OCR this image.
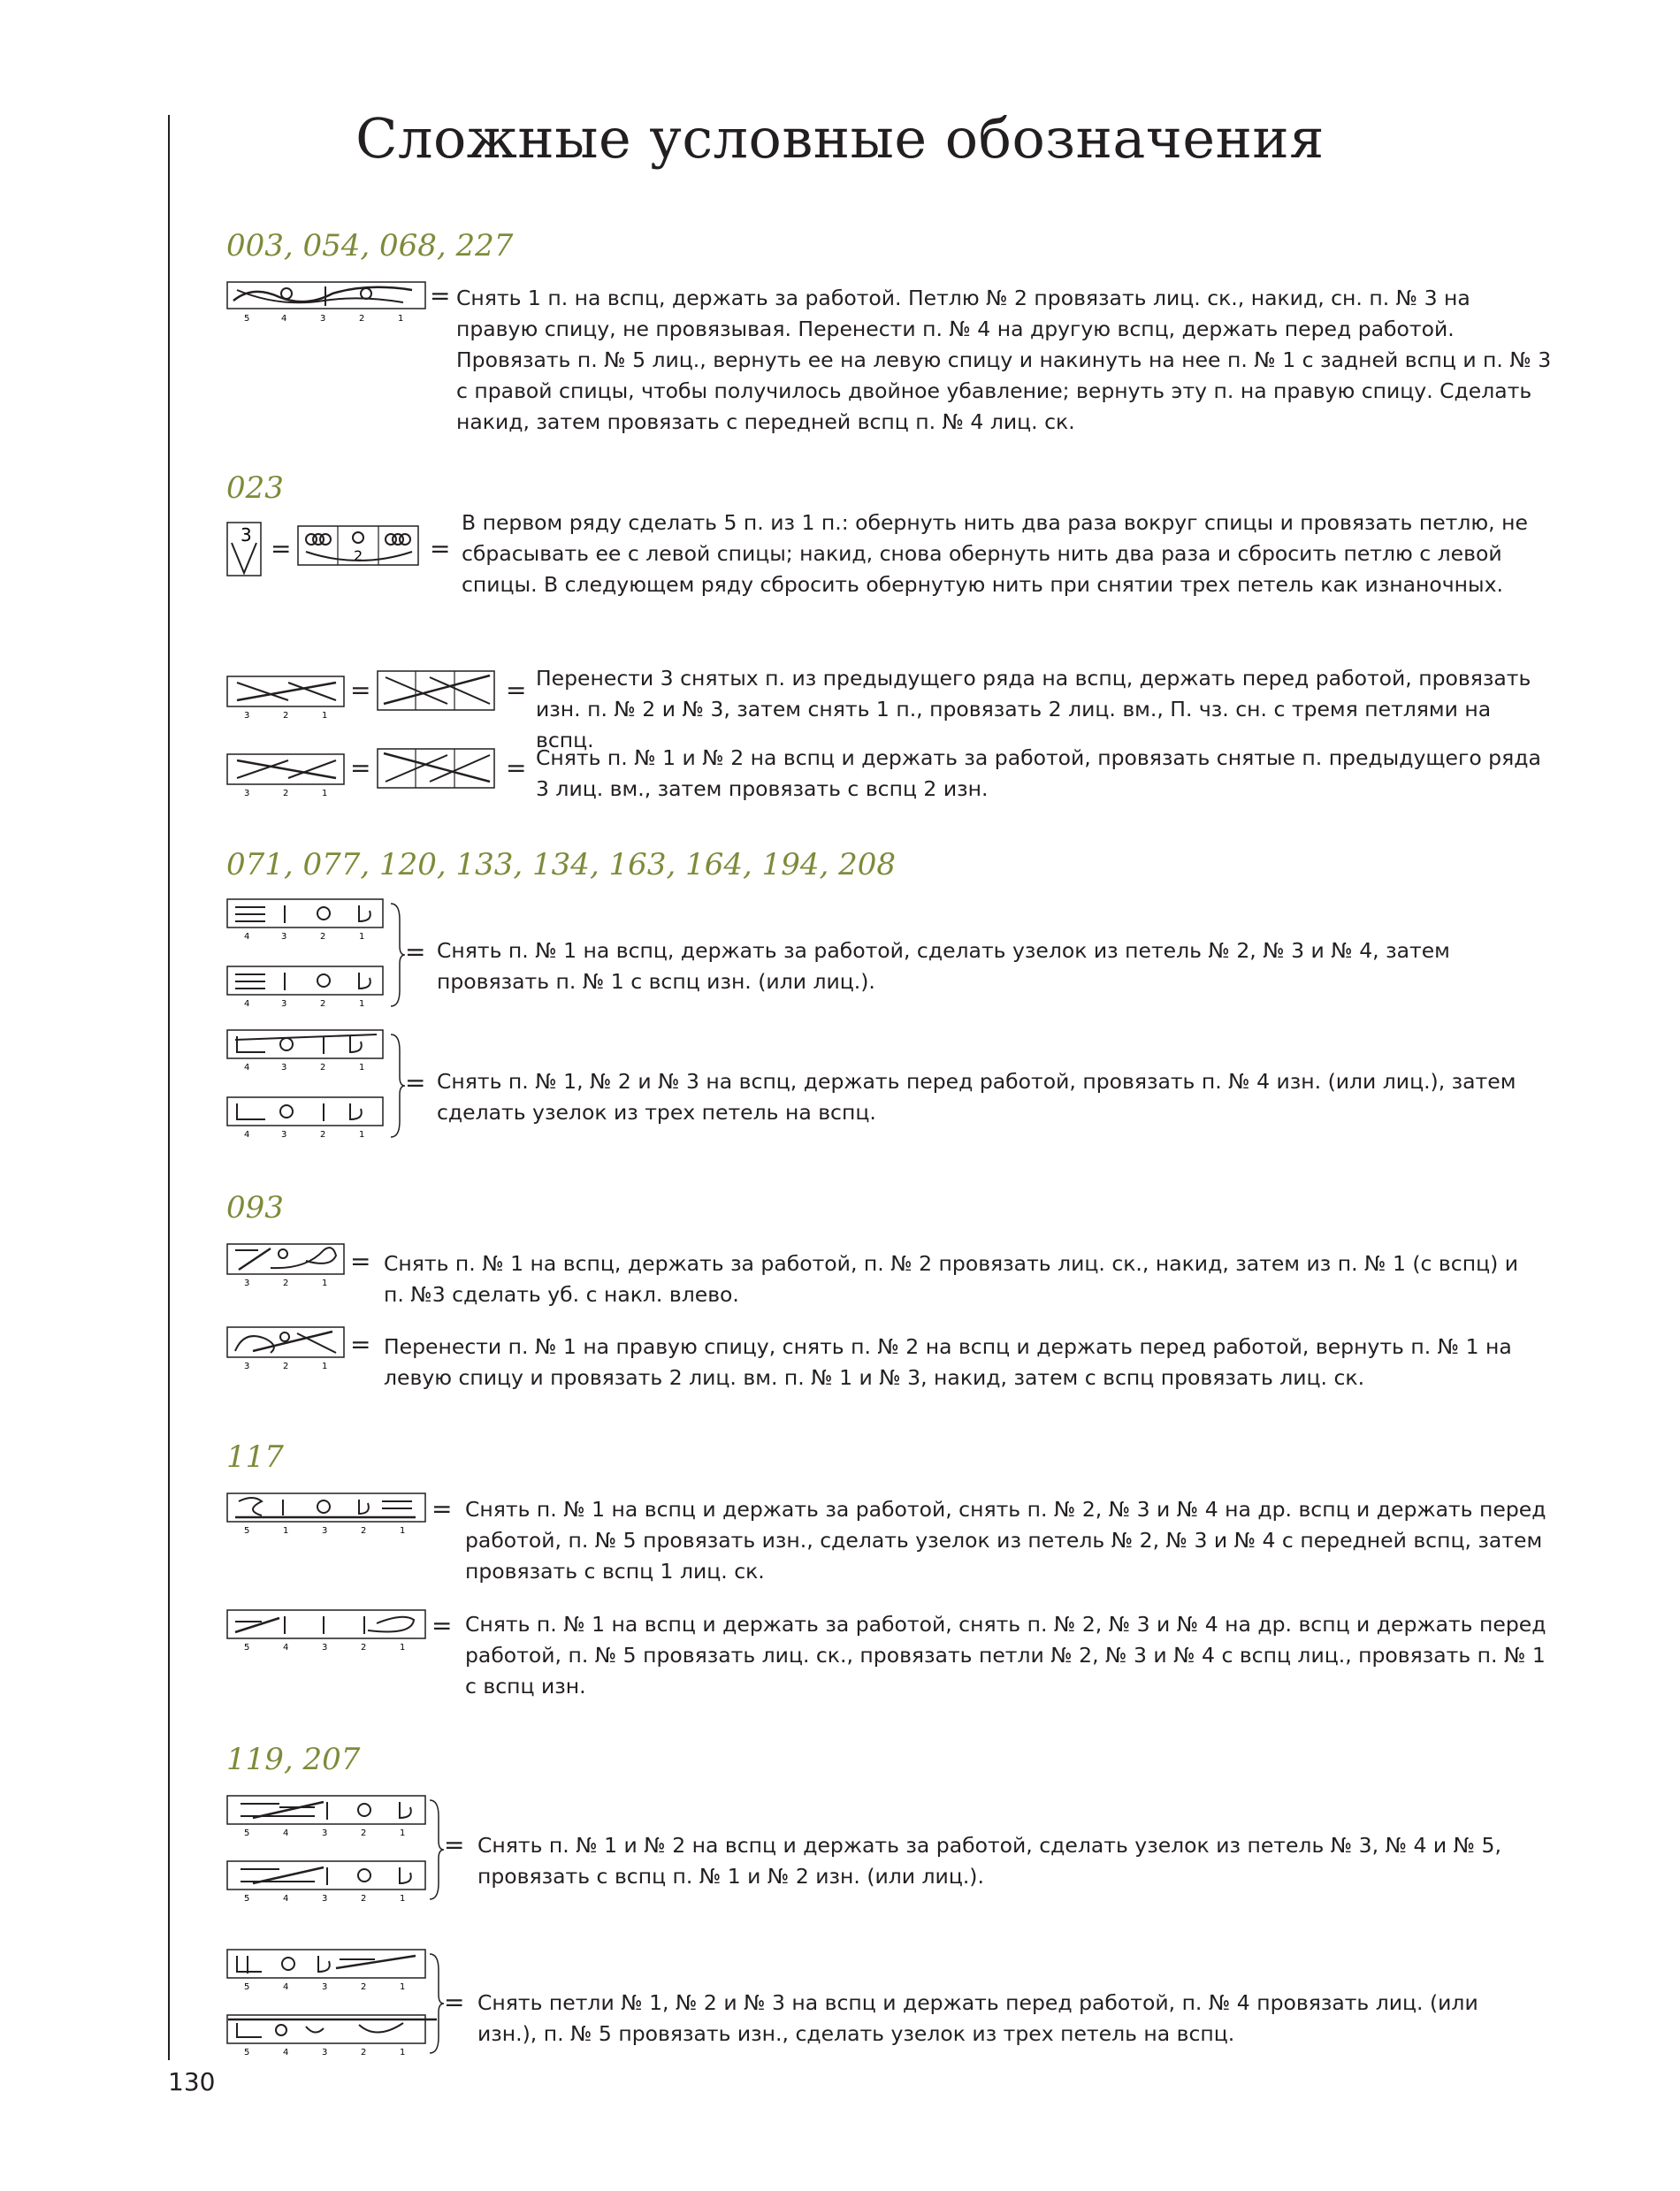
Сложные условные обозначения
003, 054, 068, 227
5	4	3	2	1
= Снять 1 п. на вспц, держать за работой. Петлю № 2 провязать лиц. ск., накид, сн. п. № 3 на правую спицу, не провязывая. Перенести п. № 4 на другую вспц, держать перед работой. Провязать п. № 5 лиц., вернуть ее на левую спицу и накинуть на нее п. № 1 с задней вспц и п. № 3 с правой спицы, чтобы получилось двойное убавление; вернуть эту п. на правую спицу. Сделать накид, затем провязать с передней вспц п. № 4 лиц. ск.
023
3 =	2	=
В первом ряду сделать 5 п. из 1 п.: обернуть нить два раза вокруг спицы и провязать петлю, не сбрасывать ее с левой спицы; накид, снова обернуть нить два раза и сбросить петлю с левой спицы. В следующем ряду сбросить обернутую нить при снятии трех петель как изнаночных.
3	2	1
=	= Перенести 3 снятых п. из предыдущего ряда на вспц, держать перед работой, провязать изн. п. № 2 и № 3, затем снять 1 п., провязать 2 лиц. вм., П. чз. сн. с тремя петлями на вспц.
3	2	1
=	= Снять п. № 1 и № 2 на вспц и держать за работой, провязать снятые п. предыдущего ряда 3 лиц. вм., затем провязать с вспц 2 изн.
071, 077, 120, 133, 134, 163, 164, 194, 208
4	3	2	1
4	3	2	1
= Снять п. № 1 на вспц, держать за работой, сделать узелок из петель № 2, № 3 и № 4, затем провязать п. № 1 с вспц изн. (или лиц.).
4	3	2	1
4	3	2	1
= Снять п. № 1, № 2 и № 3 на вспц, держать перед работой, провязать п. № 4 изн. (или лиц.), затем сделать узелок из трех петель на вспц.
093
3	2	1
= Снять п. № 1 на вспц, держать за работой, п. № 2 провязать лиц. ск., накид, затем из п. № 1 (с вспц) и п. №3 сделать уб. с накл. влево.
3	2	1
= Перенести п. № 1 на правую спицу, снять п. № 2 на вспц и держать перед работой, вернуть п. № 1 на левую спицу и провязать 2 лиц. вм. п. № 1 и № 3, накид, затем с вспц провязать лиц. ск.
117
5	1	3	2	1
= Снять п. № 1 на вспц и держать за работой, снять п. № 2, № 3 и № 4 на др. вспц и держать перед работой, п. № 5 провязать изн., сделать узелок из петель № 2, № 3 и № 4 с передней вспц, затем провязать с вспц 1 лиц. ск.
5	4	3	2	1
= Снять п. № 1 на вспц и держать за работой, снять п. № 2, № 3 и № 4 на др. вспц и держать перед работой, п. № 5 провязать лиц. ск., провязать петли № 2, № 3 и № 4 с вспц лиц., провязать п. № 1 с вспц изн.
119, 207
5	4	3	2	1
5	4	3	2	1
= Снять п. № 1 и № 2 на вспц и держать за работой, сделать узелок из петель № 3, № 4 и № 5, провязать с вспц п. № 1 и № 2 изн. (или лиц.).
5	4	3	2	1
5	4	3	2	1
= Снять петли № 1, № 2 и № 3 на вспц и держать перед работой, п. № 4 провязать лиц. (или изн.), п. № 5 провязать изн., сделать узелок из трех петель на вспц.
130
